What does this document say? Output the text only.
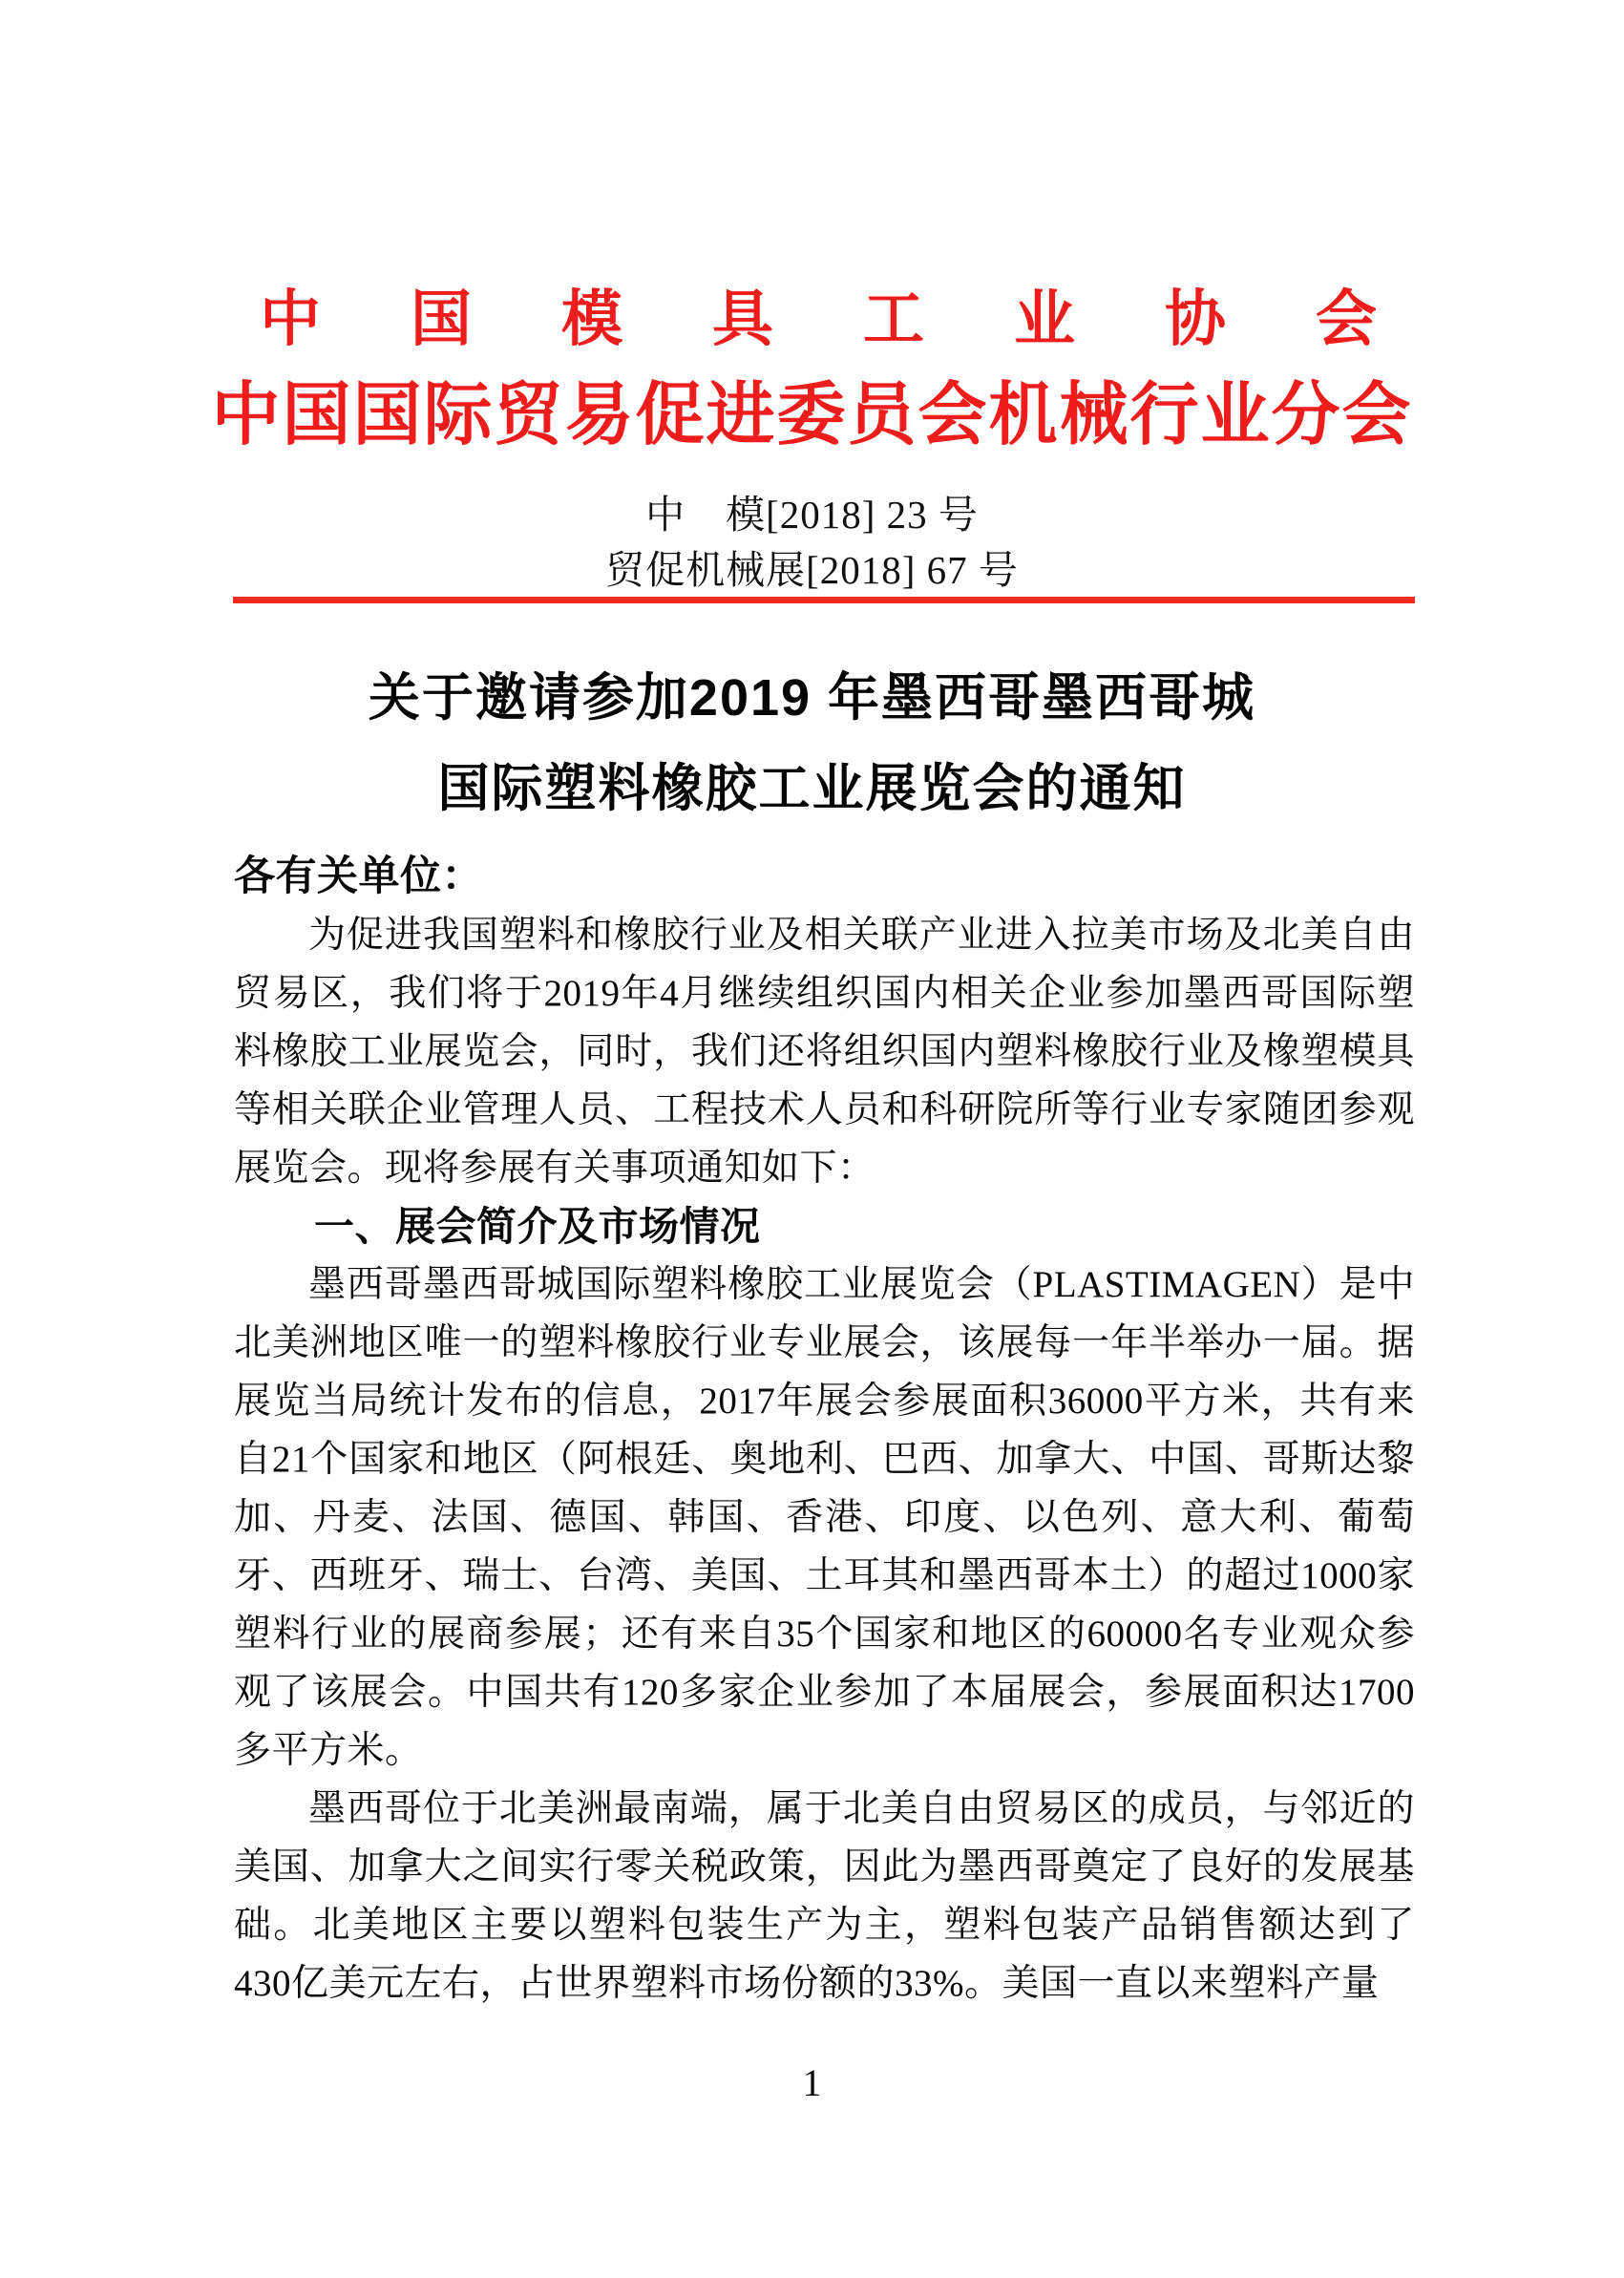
中国模具工业协会
中国国际贸易促进委员会机械行业分会
中　模[2018] 23 号
贸促机械展[2018] 67 号
关于邀请参加2019 年墨西哥墨西哥城
国际塑料橡胶工业展览会的通知
各有关单位：

为促进我国塑料和橡胶行业及相关联产业进入拉美市场及北美自由贸易区，我们将于2019年4月继续组织国内相关企业参加墨西哥国际塑料橡胶工业展览会，同时，我们还将组织国内塑料橡胶行业及橡塑模具等相关联企业管理人员、工程技术人员和科研院所等行业专家随团参观展览会。现将参展有关事项通知如下：

一、展会简介及市场情况

墨西哥墨西哥城国际塑料橡胶工业展览会（PLASTIMAGEN）是中北美洲地区唯一的塑料橡胶行业专业展会，该展每一年半举办一届。据展览当局统计发布的信息，2017年展会参展面积36000平方米，共有来自21个国家和地区（阿根廷、奥地利、巴西、加拿大、中国、哥斯达黎加、丹麦、法国、德国、韩国、香港、印度、以色列、意大利、葡萄牙、西班牙、瑞士、台湾、美国、土耳其和墨西哥本土）的超过1000家塑料行业的展商参展；还有来自35个国家和地区的60000名专业观众参观了该展会。中国共有120多家企业参加了本届展会，参展面积达1700多平方米。

墨西哥位于北美洲最南端，属于北美自由贸易区的成员，与邻近的美国、加拿大之间实行零关税政策，因此为墨西哥奠定了良好的发展基础。北美地区主要以塑料包装生产为主，塑料包装产品销售额达到了430亿美元左右，占世界塑料市场份额的33%。美国一直以来塑料产量

1
